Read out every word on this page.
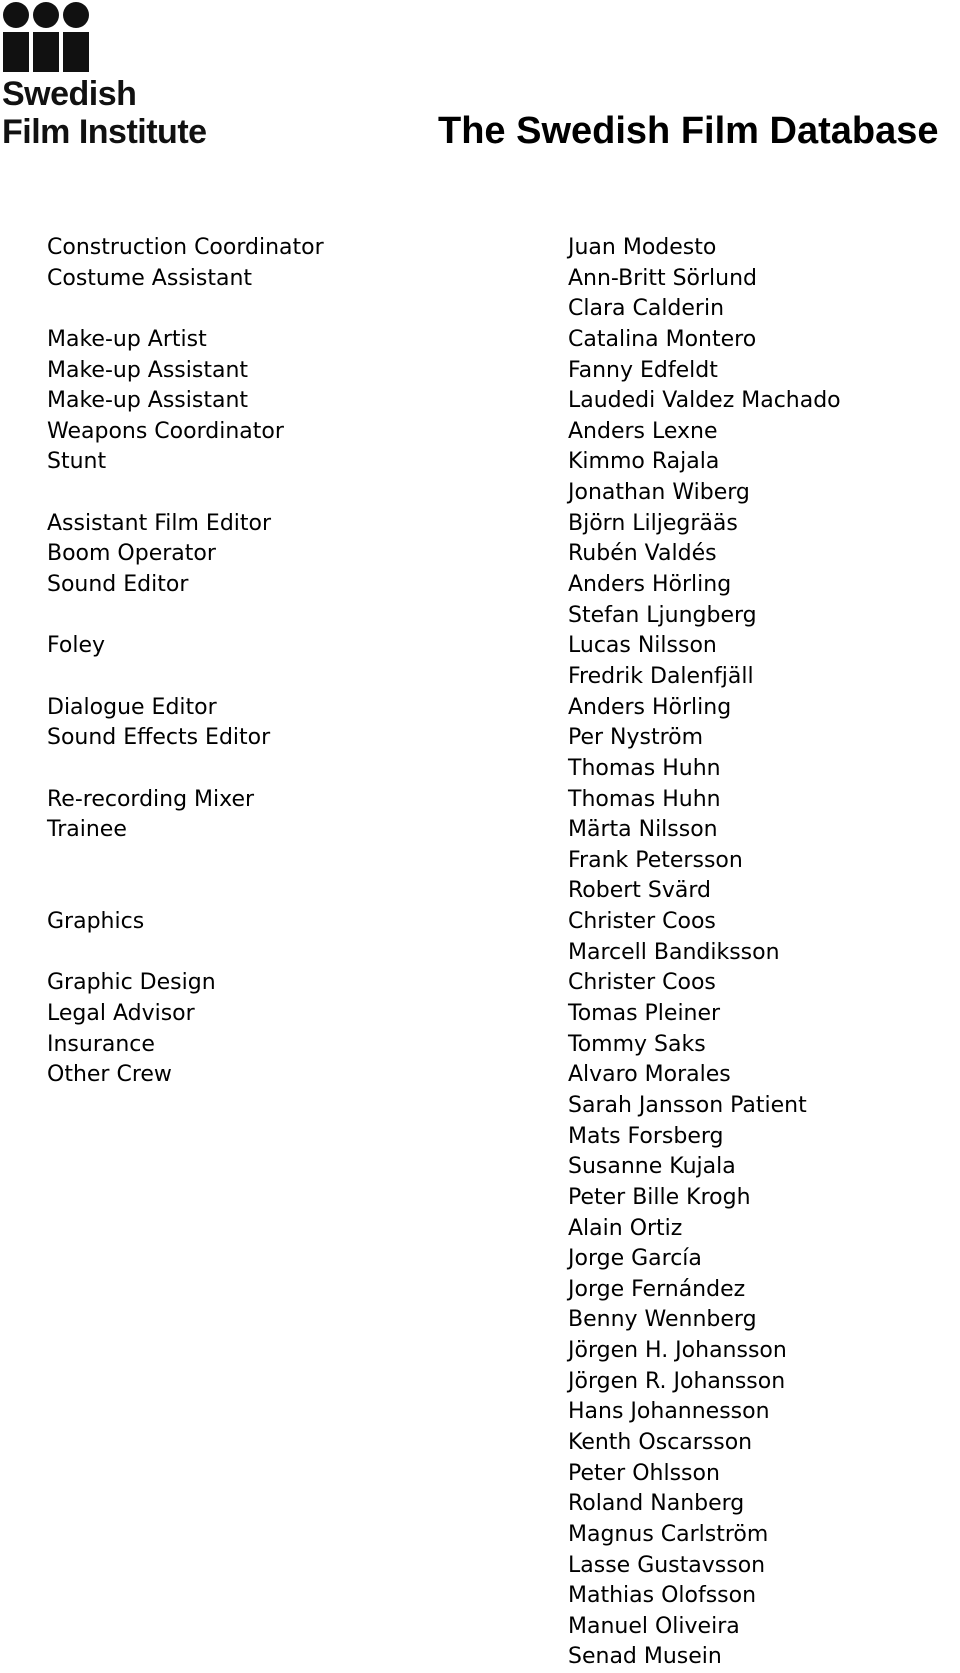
Swedish
Film Institute	The Swedish Film Database
Construction Coordinator
Costume Assistant
Make-up Artist
Make-up Assistant
Make-up Assistant
Weapons Coordinator
Stunt
Assistant Film Editor
Boom Operator
Sound Editor
Foley
Dialogue Editor
Sound Effects Editor
Re-recording Mixer
Trainee
Graphics
Graphic Design
Legal Advisor
Insurance
Other Crew
Juan Modesto
Ann-Britt Sörlund
Clara Calderin
Catalina Montero
Fanny Edfeldt
Laudedi Valdez Machado
Anders Lexne
Kimmo Rajala
Jonathan Wiberg
Björn Liljegrääs
Rubén Valdés
Anders Hörling
Stefan Ljungberg
Lucas Nilsson
Fredrik Dalenfjäll
Anders Hörling
Per Nyström
Thomas Huhn
Thomas Huhn
Märta Nilsson
Frank Petersson
Robert Svärd
Christer Coos
Marcell Bandiksson
Christer Coos
Tomas Pleiner
Tommy Saks
Alvaro Morales
Sarah Jansson Patient
Mats Forsberg
Susanne Kujala
Peter Bille Krogh
Alain Ortiz
Jorge García
Jorge Fernández
Benny Wennberg
Jörgen H. Johansson
Jörgen R. Johansson
Hans Johannesson
Kenth Oscarsson
Peter Ohlsson
Roland Nanberg
Magnus Carlström
Lasse Gustavsson
Mathias Olofsson
Manuel Oliveira
Senad Musein
